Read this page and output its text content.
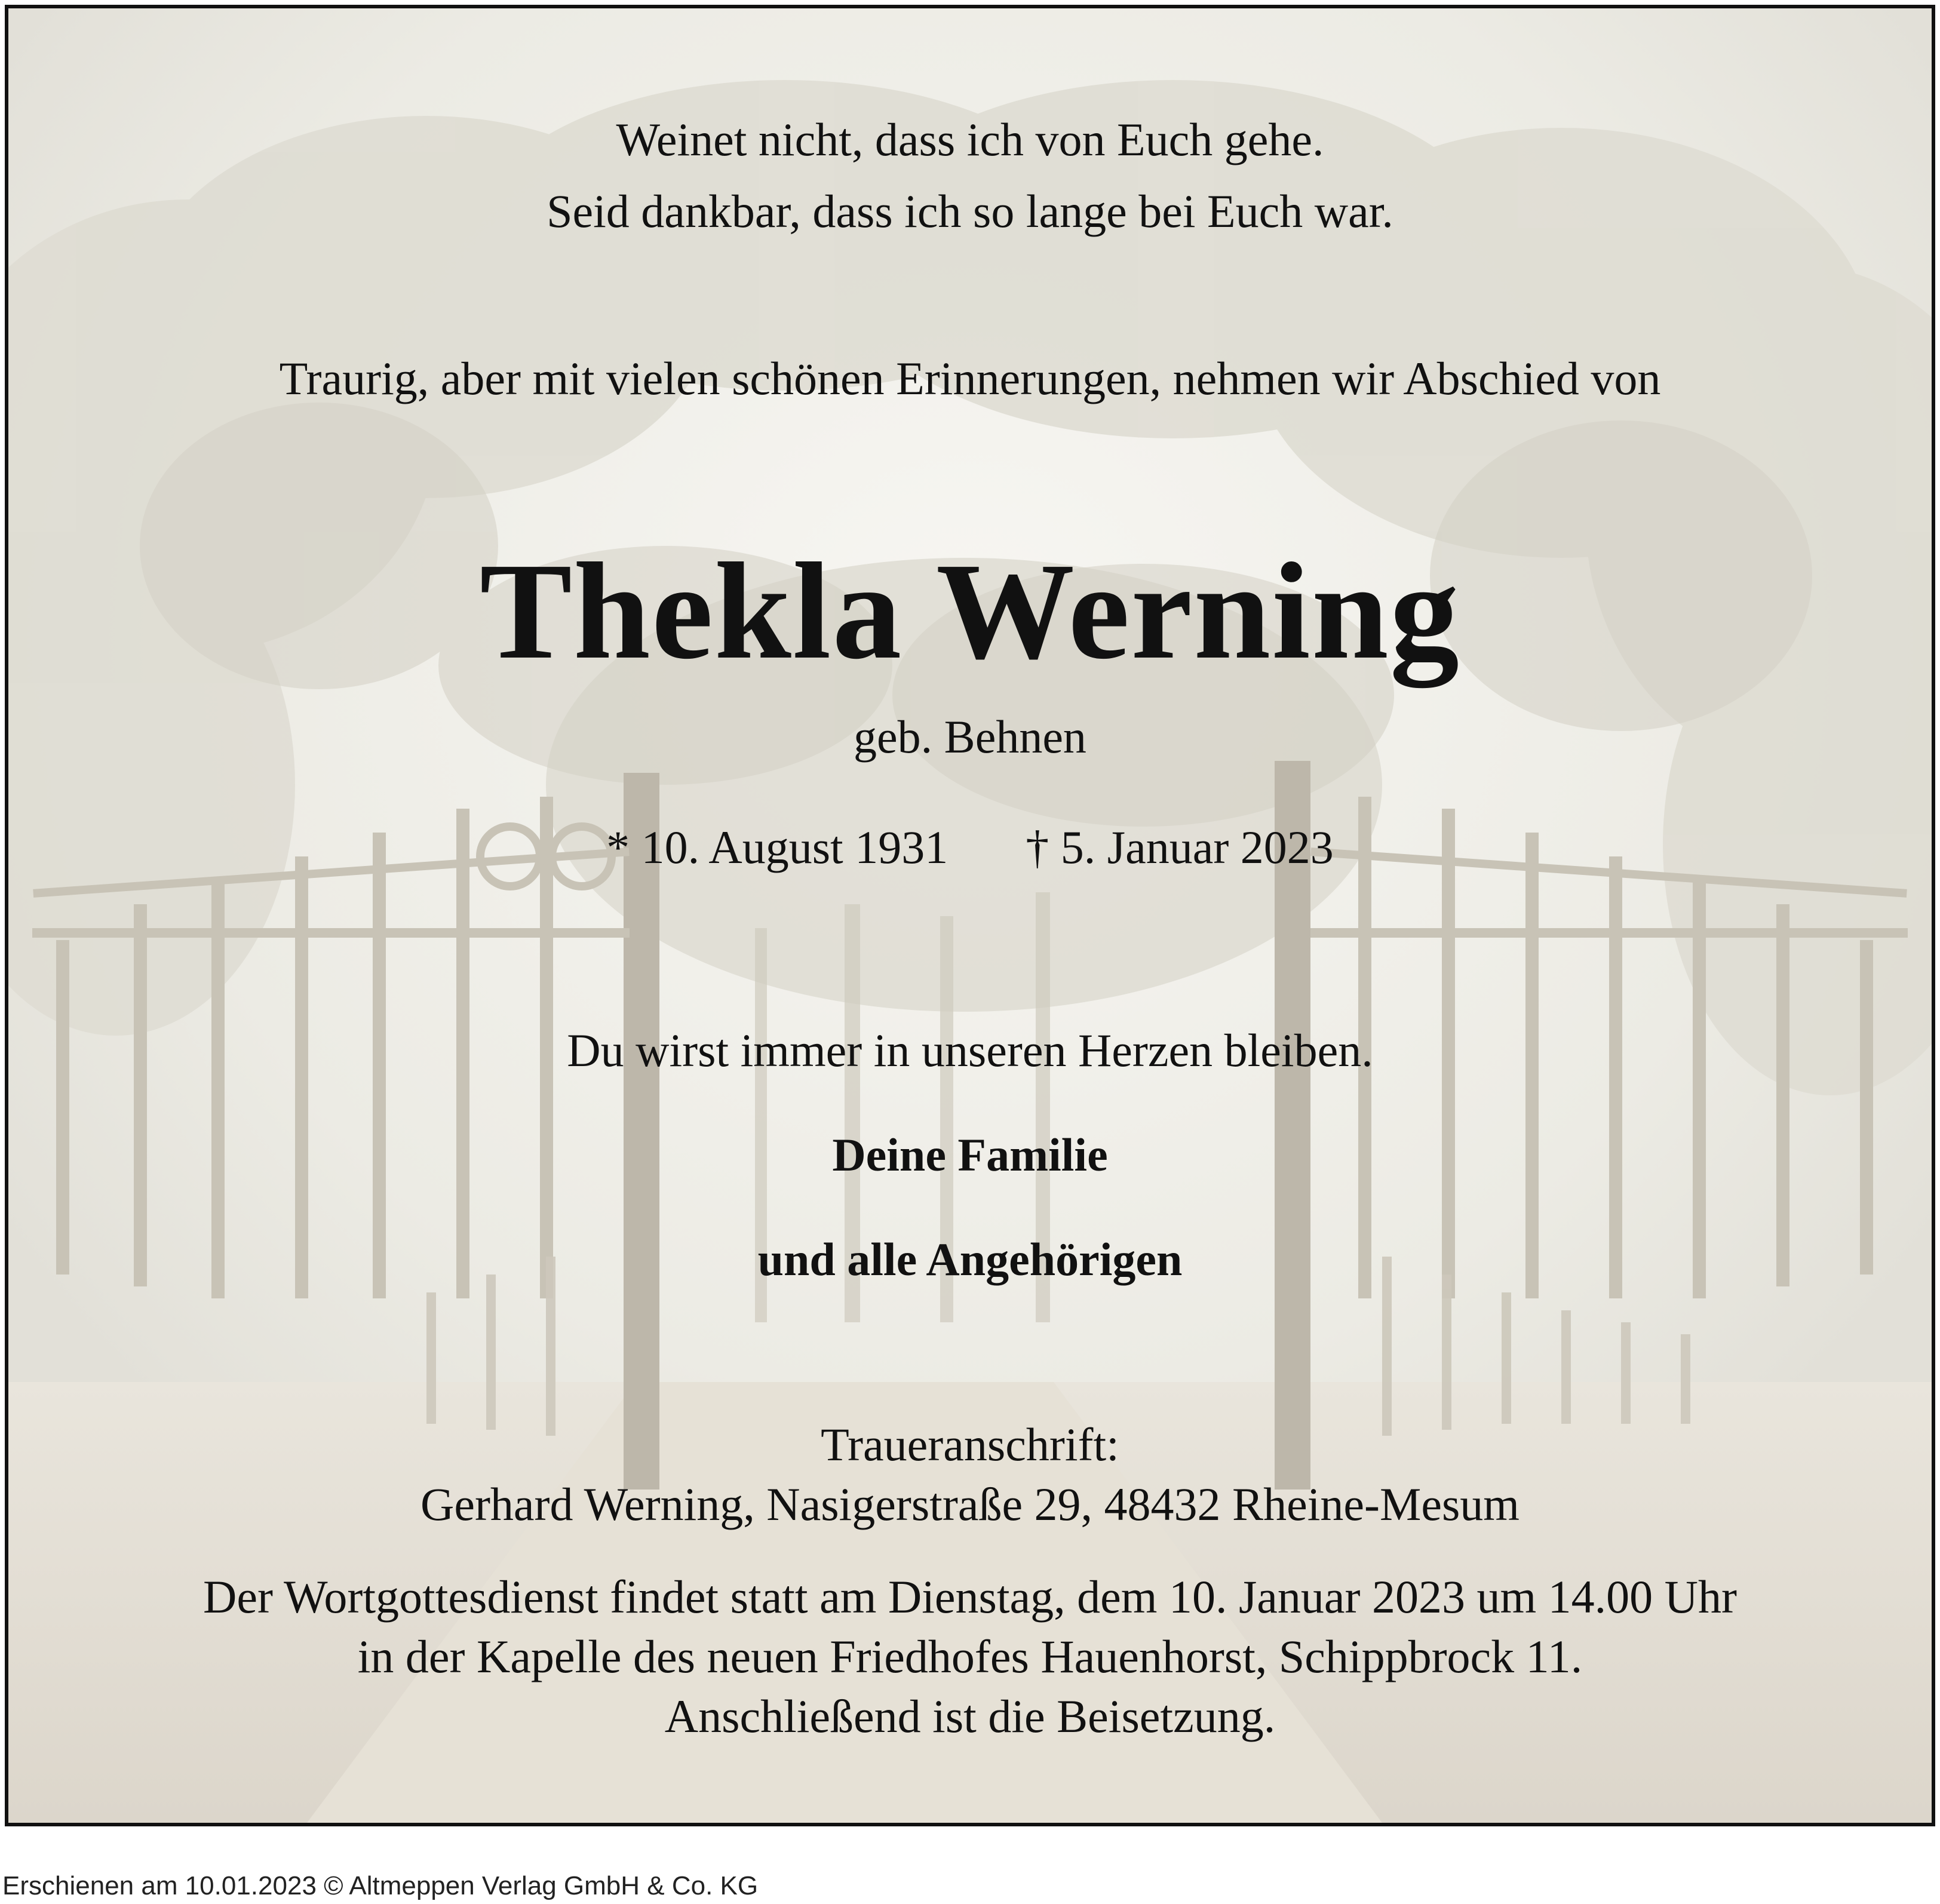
Weinet nicht, dass ich von Euch gehe.
Seid dankbar, dass ich so lange bei Euch war.
Traurig, aber mit vielen schönen Erinnerungen, nehmen wir Abschied von
Thekla Werning
geb. Behnen
* 10. August 1931 † 5. Januar 2023
Du wirst immer in unseren Herzen bleiben.
Deine Familie
und alle Angehörigen
Traueranschrift:
Gerhard Werning, Nasigerstraße 29, 48432 Rheine-Mesum
Der Wortgottesdienst findet statt am Dienstag, dem 10. Januar 2023 um 14.00 Uhr
in der Kapelle des neuen Friedhofes Hauenhorst, Schippbrock 11.
Anschließend ist die Beisetzung.
Erschienen am 10.01.2023 © Altmeppen Verlag GmbH & Co. KG
